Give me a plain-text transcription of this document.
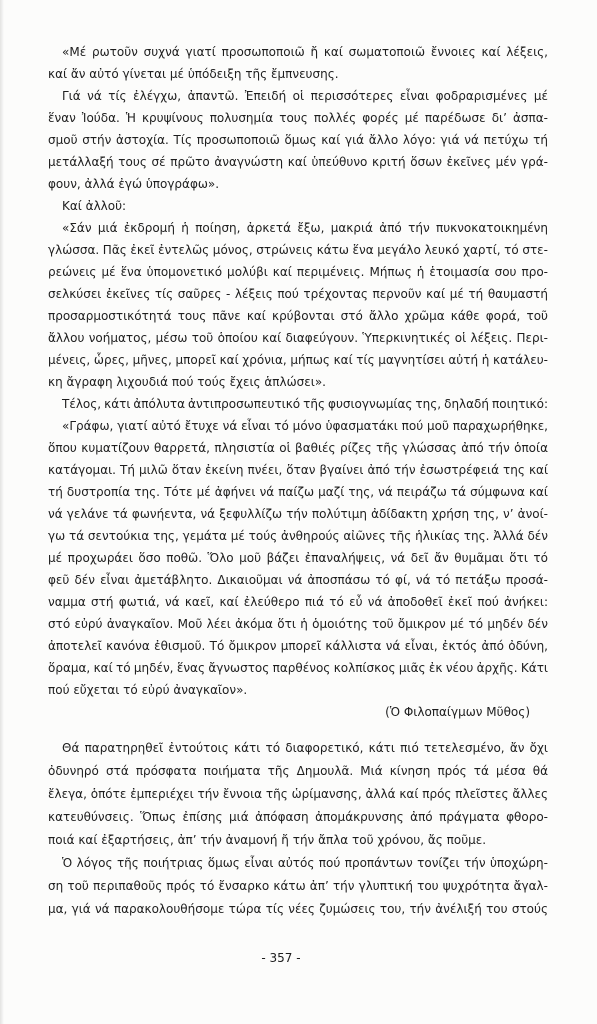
«Μέ ρωτοῦν συχνά γιατί προσωποποιῶ ἤ καί σωματοποιῶ ἔννοιες καί λέξεις,
καί ἄν αὐτό γίνεται μέ ὑπόδειξη τῆς ἔμπνευσης.
Γιά νά τίς ἐλέγχω, ἀπαντῶ. Ἐπειδή οἱ περισσότερες εἶναι φοδραρισμένες μέ
ἕναν Ἰούδα. Ἡ κρυψίνους πολυσημία τους πολλές φορές μέ παρέδωσε δι’ ἀσπα-
σμοῦ στήν ἀστοχία. Τίς προσωποποιῶ ὅμως καί γιά ἄλλο λόγο: γιά νά πετύχω τή
μετάλλαξή τους σέ πρῶτο ἀναγνώστη καί ὑπεύθυνο κριτή ὅσων ἐκεῖνες μέν γρά-
φουν, ἀλλά ἐγώ ὑπογράφω».
Καί ἀλλοῦ:
«Σάν μιά ἐκδρομή ἡ ποίηση, ἀρκετά ἔξω, μακριά ἀπό τήν πυκνοκατοικημένη
γλώσσα. Πᾶς ἐκεῖ ἐντελῶς μόνος, στρώνεις κάτω ἕνα μεγάλο λευκό χαρτί, τό στε-
ρεώνεις μέ ἕνα ὑπομονετικό μολύβι καί περιμένεις. Μήπως ἡ ἑτοιμασία σου προ-
σελκύσει ἐκεῖνες τίς σαῦρες - λέξεις πού τρέχοντας περνοῦν καί μέ τή θαυμαστή
προσαρμοστικότητά τους πᾶνε καί κρύβονται στό ἄλλο χρῶμα κάθε φορά, τοῦ
ἄλλου νοήματος, μέσω τοῦ ὁποίου καί διαφεύγουν. Ὑπερκινητικές οἱ λέξεις. Περι-
μένεις, ὧρες, μῆνες, μπορεῖ καί χρόνια, μήπως καί τίς μαγνητίσει αὐτή ἡ κατάλευ-
κη ἄγραφη λιχουδιά πού τούς ἔχεις ἁπλώσει».
Τέλος, κάτι ἀπόλυτα ἀντιπροσωπευτικό τῆς φυσιογνωμίας της, δηλαδή ποιητικό:
«Γράφω, γιατί αὐτό ἔτυχε νά εἶναι τό μόνο ὑφασματάκι πού μοῦ παραχωρήθηκε,
ὅπου κυματίζουν θαρρετά, πλησιστία οἱ βαθιές ρίζες τῆς γλώσσας ἀπό τήν ὁποία
κατάγομαι. Τή μιλῶ ὅταν ἐκείνη πνέει, ὅταν βγαίνει ἀπό τήν ἐσωστρέφειά της καί
τή δυστροπία της. Τότε μέ ἀφήνει νά παίζω μαζί της, νά πειράζω τά σύμφωνα καί
νά γελάνε τά φωνήεντα, νά ξεφυλλίζω τήν πολύτιμη ἀδίδακτη χρήση της, ν’ ἀνοί-
γω τά σεντούκια της, γεμάτα μέ τούς ἀνθηρούς αἰῶνες τῆς ἡλικίας της. Ἀλλά δέν
μέ προχωράει ὅσο ποθῶ. Ὅλο μοῦ βάζει ἐπαναλήψεις, νά δεῖ ἄν θυμᾶμαι ὅτι τό
φεῦ δέν εἶναι ἀμετάβλητο. Δικαιοῦμαι νά ἀποσπάσω τό φί, νά τό πετάξω προσά-
ναμμα στή φωτιά, νά καεῖ, καί ἐλεύθερο πιά τό εὖ νά ἀποδοθεῖ ἐκεῖ πού ἀνήκει:
στό εὐρύ ἀναγκαῖον. Μοῦ λέει ἀκόμα ὅτι ἡ ὁμοιότης τοῦ ὄμικρον μέ τό μηδέν δέν
ἀποτελεῖ κανόνα ἐθισμοῦ. Τό ὄμικρον μπορεῖ κάλλιστα νά εἶναι, ἐκτός ἀπό ὀδύνη,
ὅραμα, καί τό μηδέν, ἕνας ἄγνωστος παρθένος κολπίσκος μιᾶς ἐκ νέου ἀρχῆς. Κάτι
πού εὔχεται τό εὐρύ ἀναγκαῖον».
(Ὁ Φιλοπαίγμων Μῦθος)
Θά παρατηρηθεῖ ἐντούτοις κάτι τό διαφορετικό, κάτι πιό τετελεσμένο, ἄν ὄχι
ὀδυνηρό στά πρόσφατα ποιήματα τῆς Δημουλᾶ. Μιά κίνηση πρός τά μέσα θά
ἔλεγα, ὁπότε ἐμπεριέχει τήν ἔννοια τῆς ὡρίμανσης, ἀλλά καί πρός πλεῖστες ἄλλες
κατευθύνσεις. Ὅπως ἐπίσης μιά ἀπόφαση ἀπομάκρυνσης ἀπό πράγματα φθορο-
ποιά καί ἐξαρτήσεις, ἀπ’ τήν ἀναμονή ἤ τήν ἄπλα τοῦ χρόνου, ἄς ποῦμε.
Ὁ λόγος τῆς ποιήτριας ὅμως εἶναι αὐτός πού προπάντων τονίζει τήν ὑποχώρη-
ση τοῦ περιπαθοῦς πρός τό ἔνσαρκο κάτω ἀπ’ τήν γλυπτική του ψυχρότητα ἄγαλ-
μα, γιά νά παρακολουθήσομε τώρα τίς νέες ζυμώσεις του, τήν ἀνέλιξή του στούς
- 357 -
